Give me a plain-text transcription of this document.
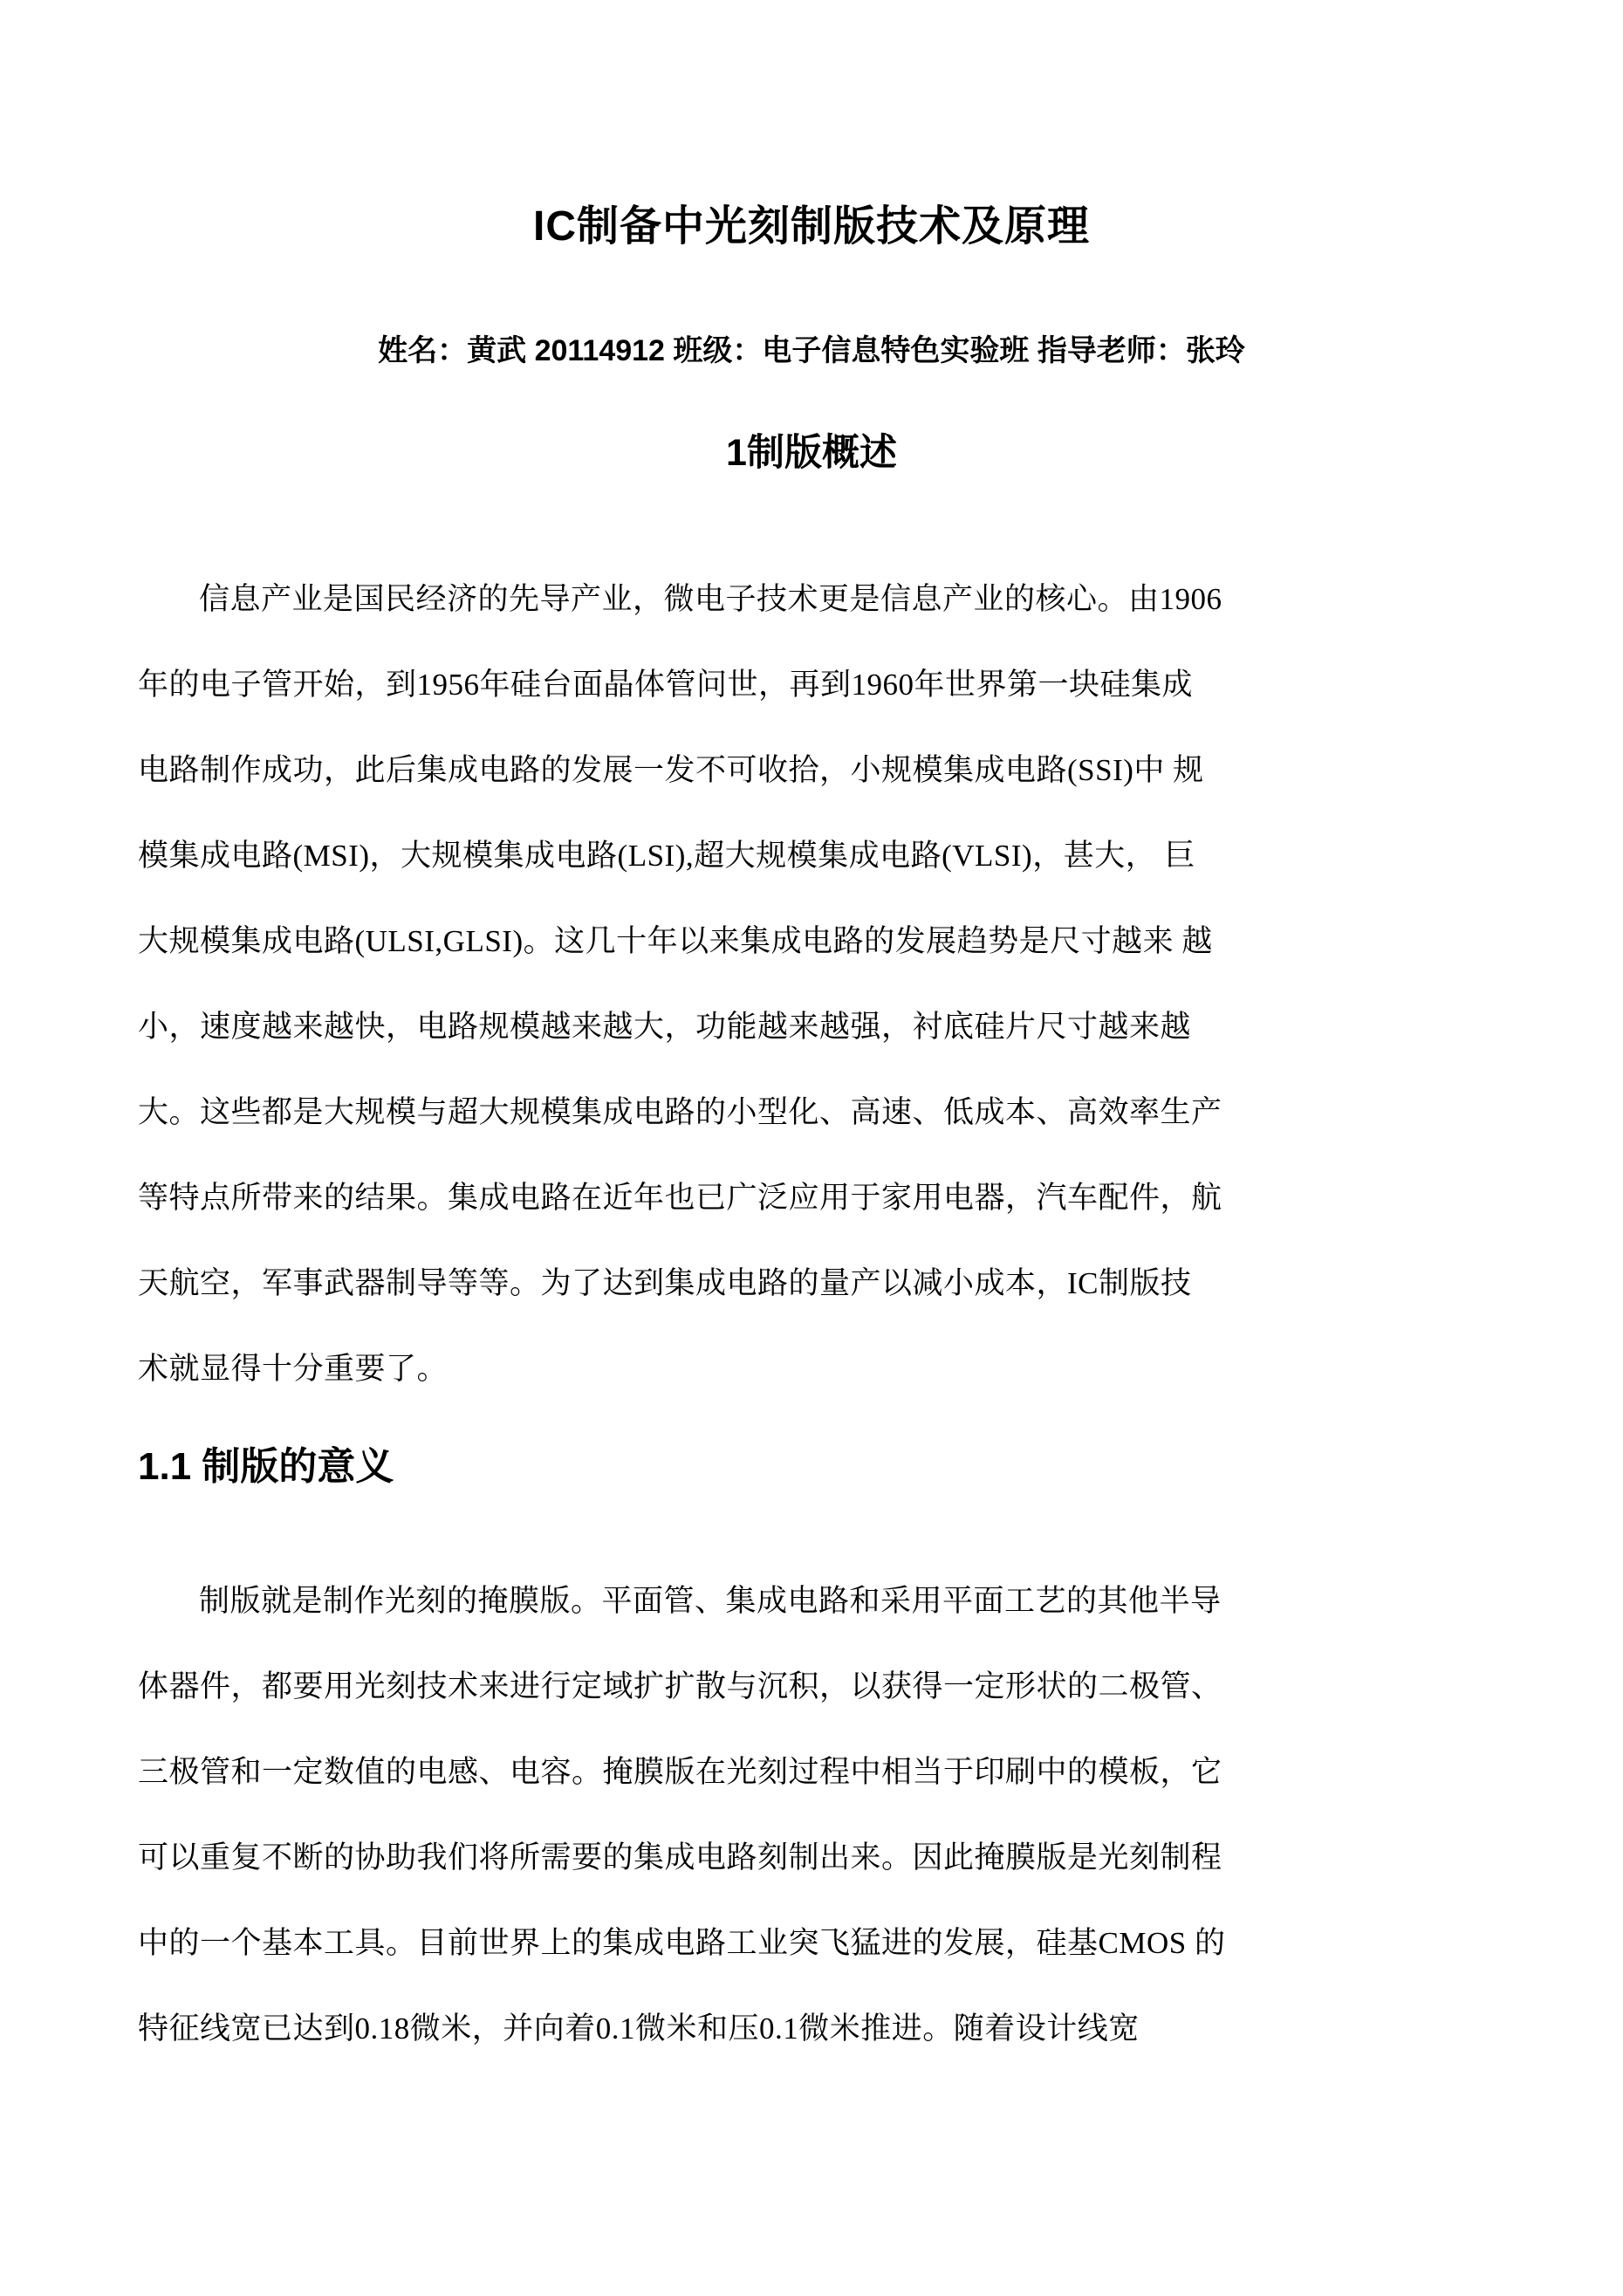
IC制备中光刻制版技术及原理

姓名：黄武 20114912 班级：电子信息特色实验班 指导老师：张玲

1制版概述
信息产业是国民经济的先导产业，微电子技术更是信息产业的核心。由1906
年的电子管开始，到1956年硅台面晶体管问世，再到1960年世界第一块硅集成
电路制作成功，此后集成电路的发展一发不可收拾，小规模集成电路(SSI)中 规
模集成电路(MSI)，大规模集成电路(LSI),超大规模集成电路(VLSI)，甚大， 巨
大规模集成电路(ULSI,GLSI)。这几十年以来集成电路的发展趋势是尺寸越来 越
小，速度越来越快，电路规模越来越大，功能越来越强，衬底硅片尺寸越来越
大。这些都是大规模与超大规模集成电路的小型化、高速、低成本、高效率生产
等特点所带来的结果。集成电路在近年也已广泛应用于家用电器，汽车配件，航
天航空，军事武器制导等等。为了达到集成电路的量产以减小成本，IC制版技
术就显得十分重要了。
1.1 制版的意义
制版就是制作光刻的掩膜版。平面管、集成电路和采用平面工艺的其他半导
体器件，都要用光刻技术来进行定域扩扩散与沉积，以获得一定形状的二极管、
三极管和一定数值的电感、电容。掩膜版在光刻过程中相当于印刷中的模板，它
可以重复不断的协助我们将所需要的集成电路刻制出来。因此掩膜版是光刻制程
中的一个基本工具。目前世界上的集成电路工业突飞猛进的发展，硅基CMOS 的
特征线宽已达到0.18微米，并向着0.1微米和压0.1微米推进。随着设计线宽
